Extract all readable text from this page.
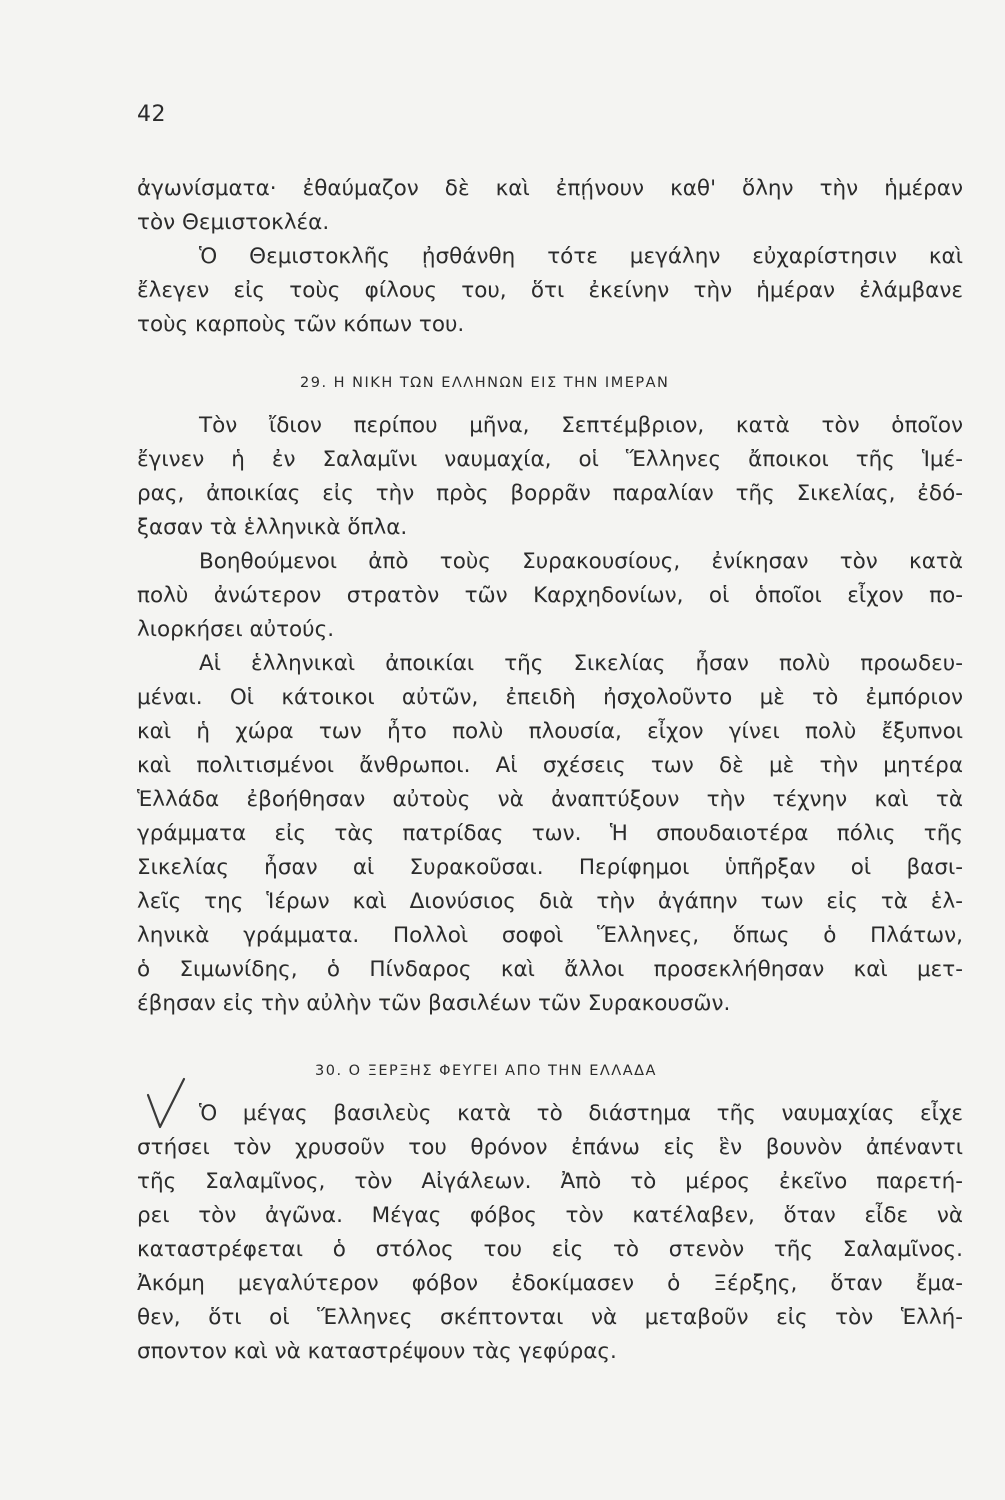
42
ἀγωνίσματα· ἐθαύμαζον δὲ καὶ ἐπῄνουν καθ' ὅλην τὴν ἡμέραν
τὸν Θεμιστοκλέα.
Ὁ Θεμιστοκλῆς ᾐσθάνθη τότε μεγάλην εὐχαρίστησιν καὶ
ἔλεγεν εἰς τοὺς φίλους του, ὅτι ἐκείνην τὴν ἡμέραν ἐλάμβανε
τοὺς καρποὺς τῶν κόπων του.
29. Η ΝΙΚΗ ΤΩΝ ΕΛΛΗΝΩΝ ΕΙΣ ΤΗΝ ΙΜΕΡΑΝ
Τὸν ἴδιον περίπου μῆνα, Σεπτέμβριον, κατὰ τὸν ὁποῖον
ἔγινεν ἡ ἐν Σαλαμῖνι ναυμαχία, οἱ Ἕλληνες ἄποικοι τῆς Ἱμέ-
ρας, ἀποικίας εἰς τὴν πρὸς βορρᾶν παραλίαν τῆς Σικελίας, ἐδό-
ξασαν τὰ ἑλληνικὰ ὅπλα.
Βοηθούμενοι ἀπὸ τοὺς Συρακουσίους, ἐνίκησαν τὸν κατὰ
πολὺ ἀνώτερον στρατὸν τῶν Καρχηδονίων, οἱ ὁποῖοι εἶχον πο-
λιορκήσει αὐτούς.
Αἱ ἑλληνικαὶ ἀποικίαι τῆς Σικελίας ἦσαν πολὺ προωδευ-
μέναι. Οἱ κάτοικοι αὐτῶν, ἐπειδὴ ἠσχολοῦντο μὲ τὸ ἐμπόριον
καὶ ἡ χώρα των ἦτο πολὺ πλουσία, εἶχον γίνει πολὺ ἔξυπνοι
καὶ πολιτισμένοι ἄνθρωποι. Αἱ σχέσεις των δὲ μὲ τὴν μητέρα
Ἑλλάδα ἐβοήθησαν αὐτοὺς νὰ ἀναπτύξουν τὴν τέχνην καὶ τὰ
γράμματα εἰς τὰς πατρίδας των. Ἡ σπουδαιοτέρα πόλις τῆς
Σικελίας ἦσαν αἱ Συρακοῦσαι. Περίφημοι ὑπῆρξαν οἱ βασι-
λεῖς της Ἱέρων καὶ Διονύσιος διὰ τὴν ἀγάπην των εἰς τὰ ἑλ-
ληνικὰ γράμματα. Πολλοὶ σοφοὶ Ἕλληνες, ὅπως ὁ Πλάτων,
ὁ Σιμωνίδης, ὁ Πίνδαρος καὶ ἄλλοι προσεκλήθησαν καὶ μετ-
έβησαν εἰς τὴν αὐλὴν τῶν βασιλέων τῶν Συρακουσῶν.
30. Ο ΞΕΡΞΗΣ ΦΕΥΓΕΙ ΑΠΟ ΤΗΝ ΕΛΛΑΔΑ
Ὁ μέγας βασιλεὺς κατὰ τὸ διάστημα τῆς ναυμαχίας εἶχε
στήσει τὸν χρυσοῦν του θρόνον ἐπάνω εἰς ἓν βουνὸν ἀπέναντι
τῆς Σαλαμῖνος, τὸν Αἰγάλεων. Ἀπὸ τὸ μέρος ἐκεῖνο παρετή-
ρει τὸν ἀγῶνα. Μέγας φόβος τὸν κατέλαβεν, ὅταν εἶδε νὰ
καταστρέφεται ὁ στόλος του εἰς τὸ στενὸν τῆς Σαλαμῖνος.
Ἀκόμη μεγαλύτερον φόβον ἐδοκίμασεν ὁ Ξέρξης, ὅταν ἔμα-
θεν, ὅτι οἱ Ἕλληνες σκέπτονται νὰ μεταβοῦν εἰς τὸν Ἑλλή-
σποντον καὶ νὰ καταστρέψουν τὰς γεφύρας.
